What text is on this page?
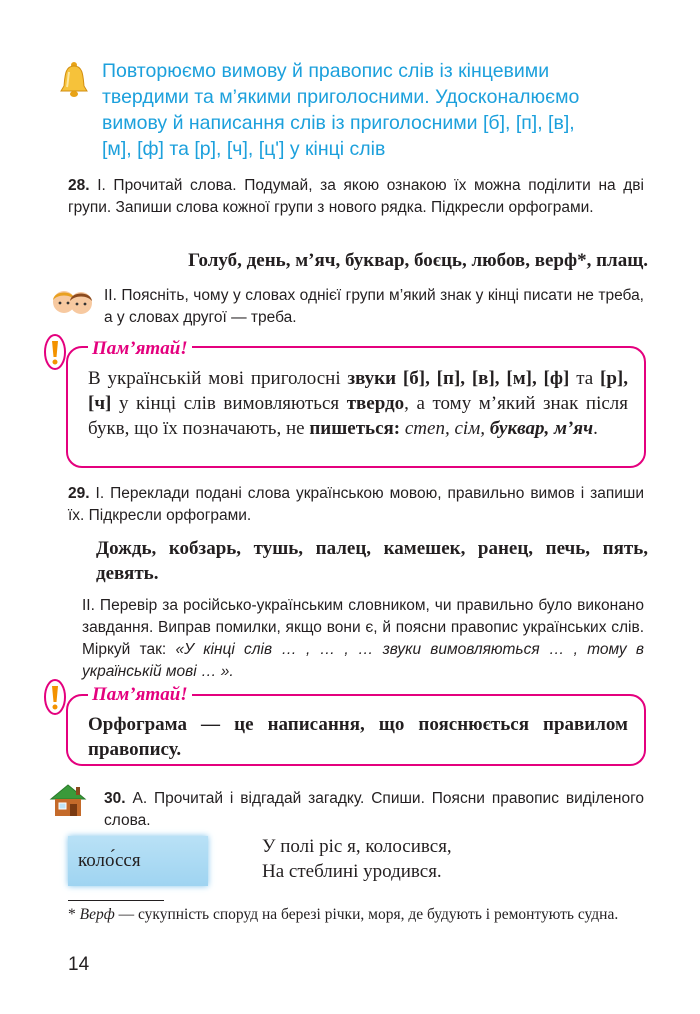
Повторюємо вимову й правопис слів із кінцевими
твердими та м’якими приголосними. Удосконалюємо
вимову й написання слів із приголосними [б], [п], [в],
[м], [ф] та [р], [ч], [ц'] у кінці слів
28. І. Прочитай слова. Подумай, за якою ознакою їх можна поділити на дві групи. Запиши слова кожної групи з нового рядка. Підкресли орфограми.
Голуб, день, м’яч, буквар, боєць, любов, верф*, плащ.
ІІ. Поясніть, чому у словах однієї групи м’який знак у кінці писати не треба, а у словах другої — треба.
Пам’ятай!
В українській мові приголосні звуки [б], [п], [в], [м], [ф] та [р], [ч] у кінці слів вимовляються твердо, а тому м’який знак після букв, що їх позначають, не пишеться: степ, сім, буквар, м’яч.
29. І. Переклади подані слова українською мовою, правильно вимов і запиши їх. Підкресли орфограми.
Дождь, кобзарь, тушь, палец, камешек, ранец, печь, пять, девять.
ІІ. Перевір за російсько-українським словником, чи правильно було виконано завдання. Виправ помилки, якщо вони є, й поясни правопис українських слів. Міркуй так: «У кінці слів … , … , … звуки вимовляються … , тому в українській мові … ».
Пам’ятай!
Орфограма — це написання, що пояснюється правилом правопису.
30. А. Прочитай і відгадай загадку. Спиши. Поясни правопис виділеного слова.
коло́сся
У полі ріс я, колосився,
На стеблині уродився.
* Верф — сукупність споруд на березі річки, моря, де будують і ремонтують судна.
14
